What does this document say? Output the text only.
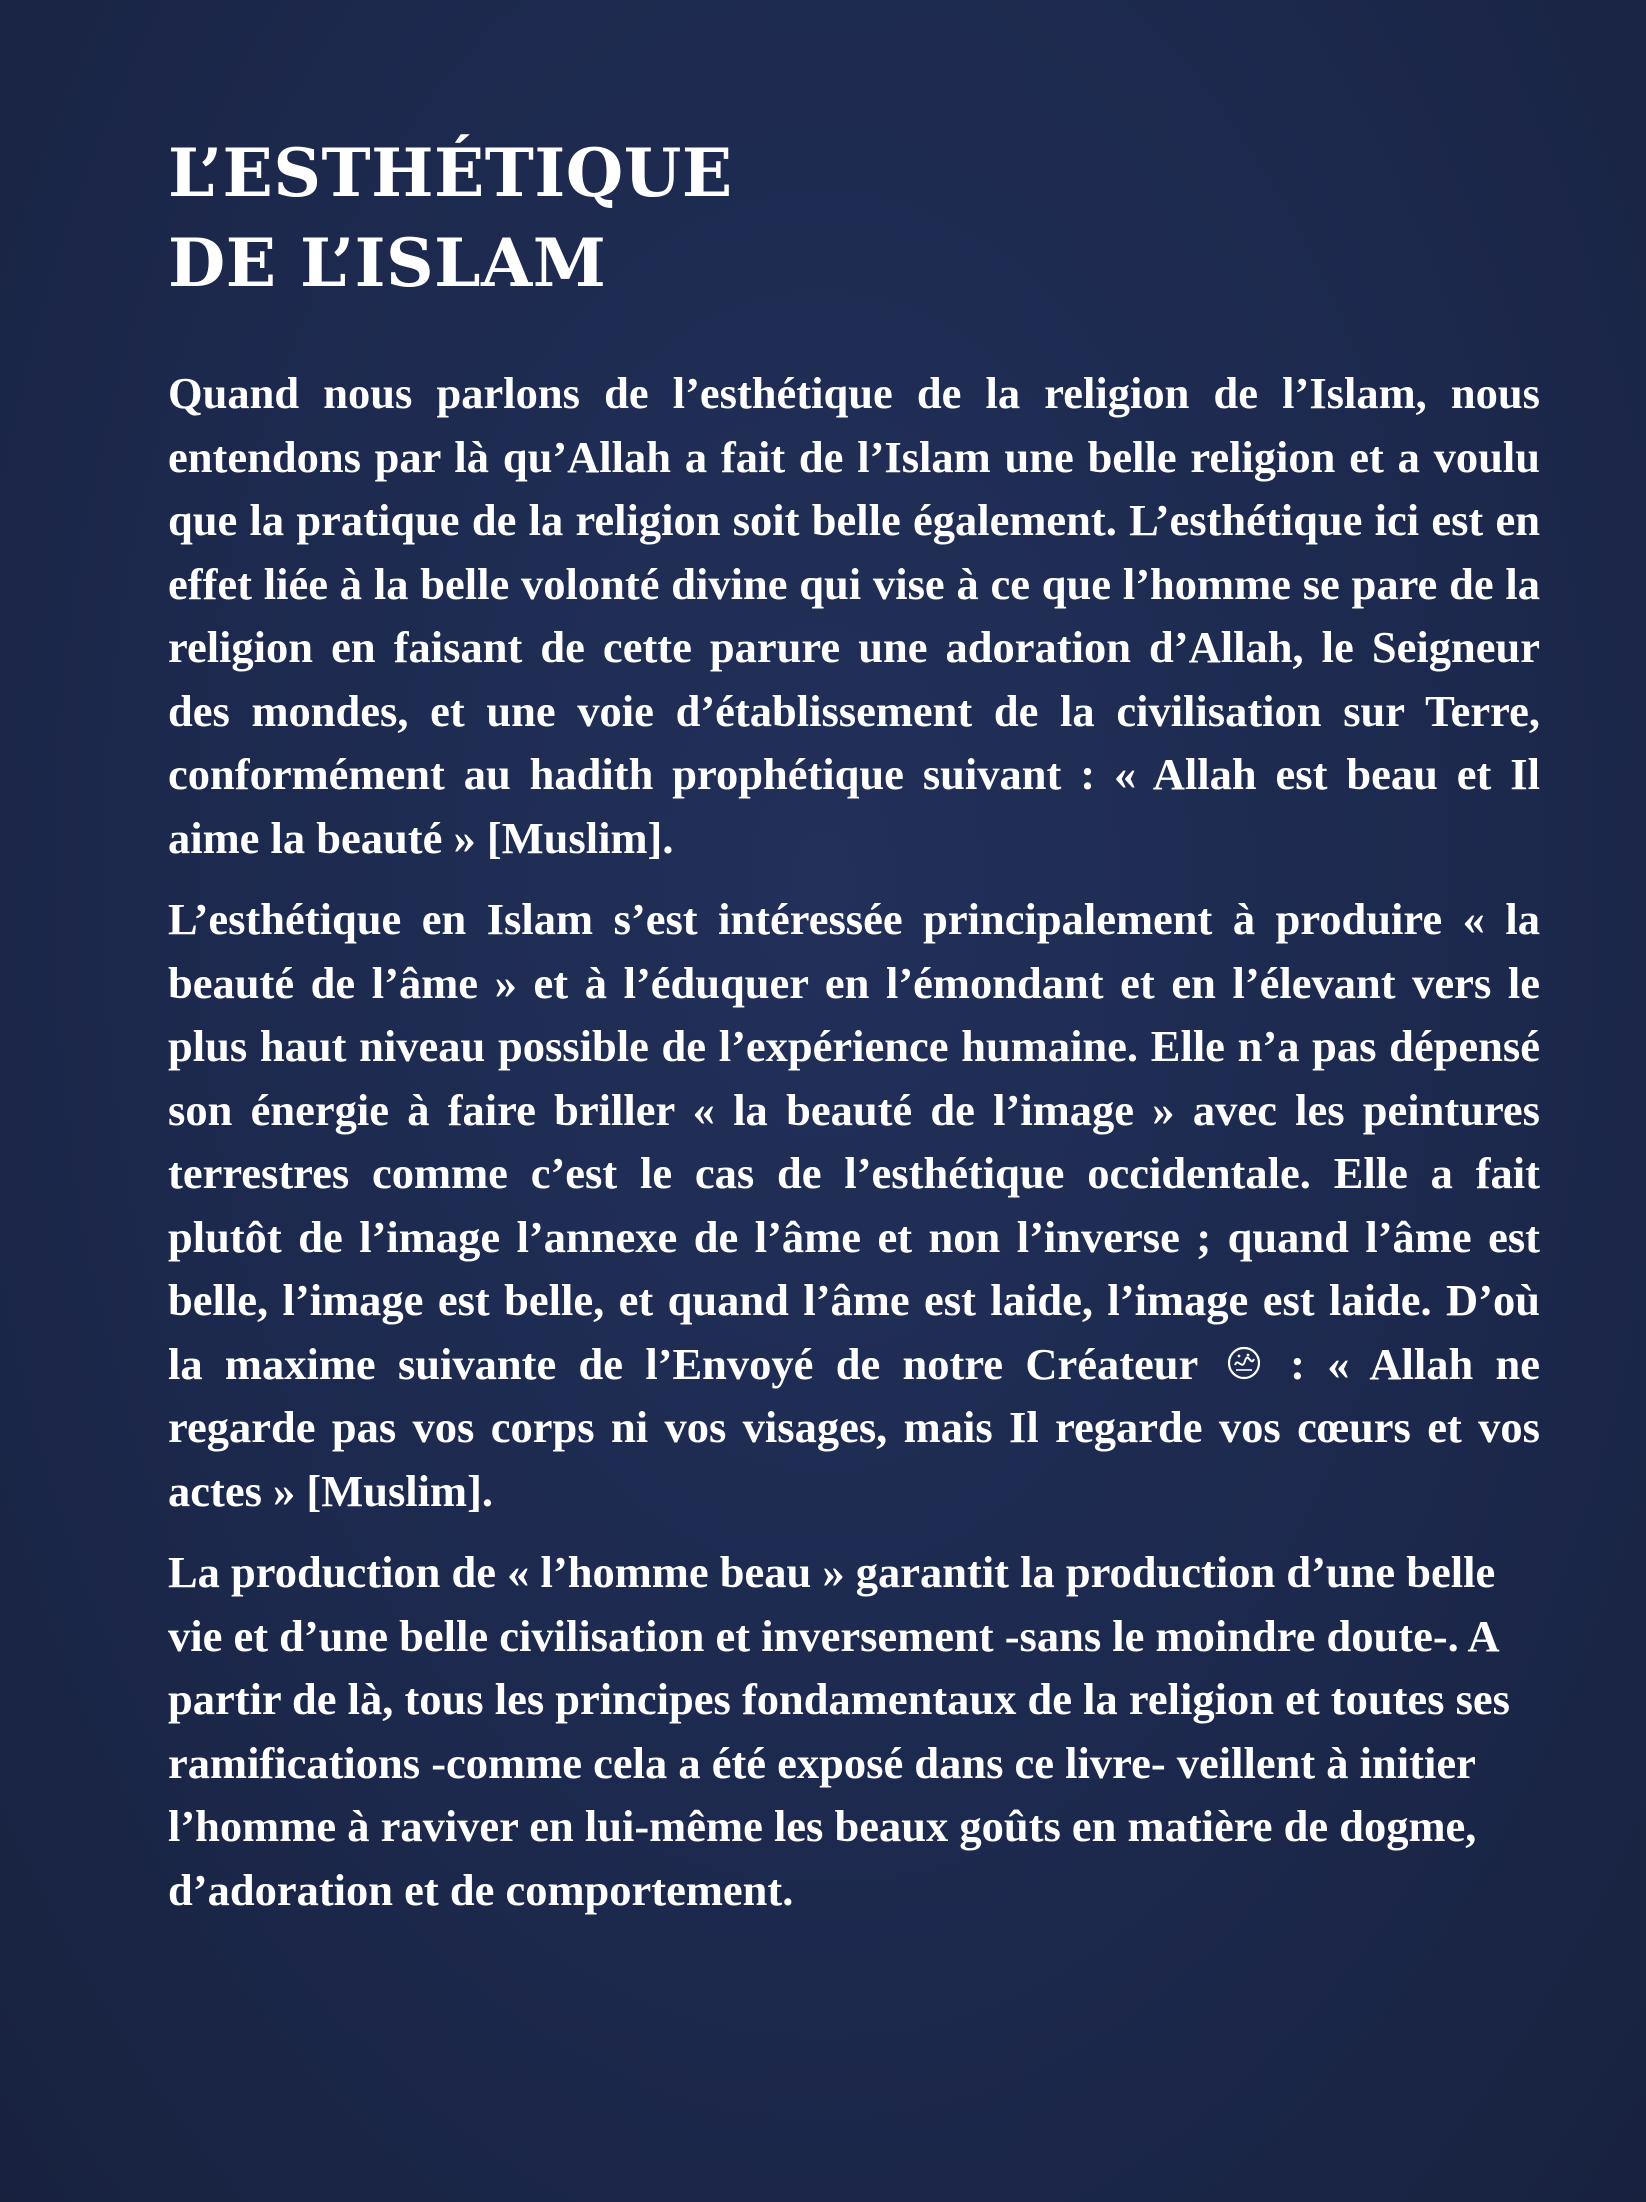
L’ESTHÉTIQUE
DE L’ISLAM

Quand nous parlons de l’esthétique de la religion de l’Islam, nous entendons par là qu’Allah a fait de l’Islam une belle religion et a voulu que la pratique de la religion soit belle également. L’esthétique ici est en effet liée à la belle volonté divine qui vise à ce que l’homme se pare de la religion en faisant de cette parure une adoration d’Allah, le Seigneur des mondes, et une voie d’établissement de la civilisation sur Terre, conformément au hadith prophétique suivant : « Allah est beau et Il aime la beauté » [Muslim].

L’esthétique en Islam s’est intéressée principalement à produire « la beauté de l’âme » et à l’éduquer en l’émondant et en l’élevant vers le plus haut niveau possible de l’expérience humaine. Elle n’a pas dépensé son énergie à faire briller « la beauté de l’image » avec les peintures terrestres comme c’est le cas de l’esthétique occidentale. Elle a fait plutôt de l’image l’annexe de l’âme et non l’inverse ; quand l’âme est belle, l’image est belle, et quand l’âme est laide, l’image est laide. D’où la maxime suivante de l’Envoyé de notre Créateur : « Allah ne regarde pas vos corps ni vos visages, mais Il regarde vos cœurs et vos actes » [Muslim].

La production de « l’homme beau » garantit la production d’une belle vie et d’une belle civilisation et inversement -sans le moindre doute-. A partir de là, tous les principes fondamentaux de la religion et toutes ses ramifications -comme cela a été exposé dans ce livre- veillent à initier l’homme à raviver en lui-même les beaux goûts en matière de dogme, d’adoration et de comportement.
